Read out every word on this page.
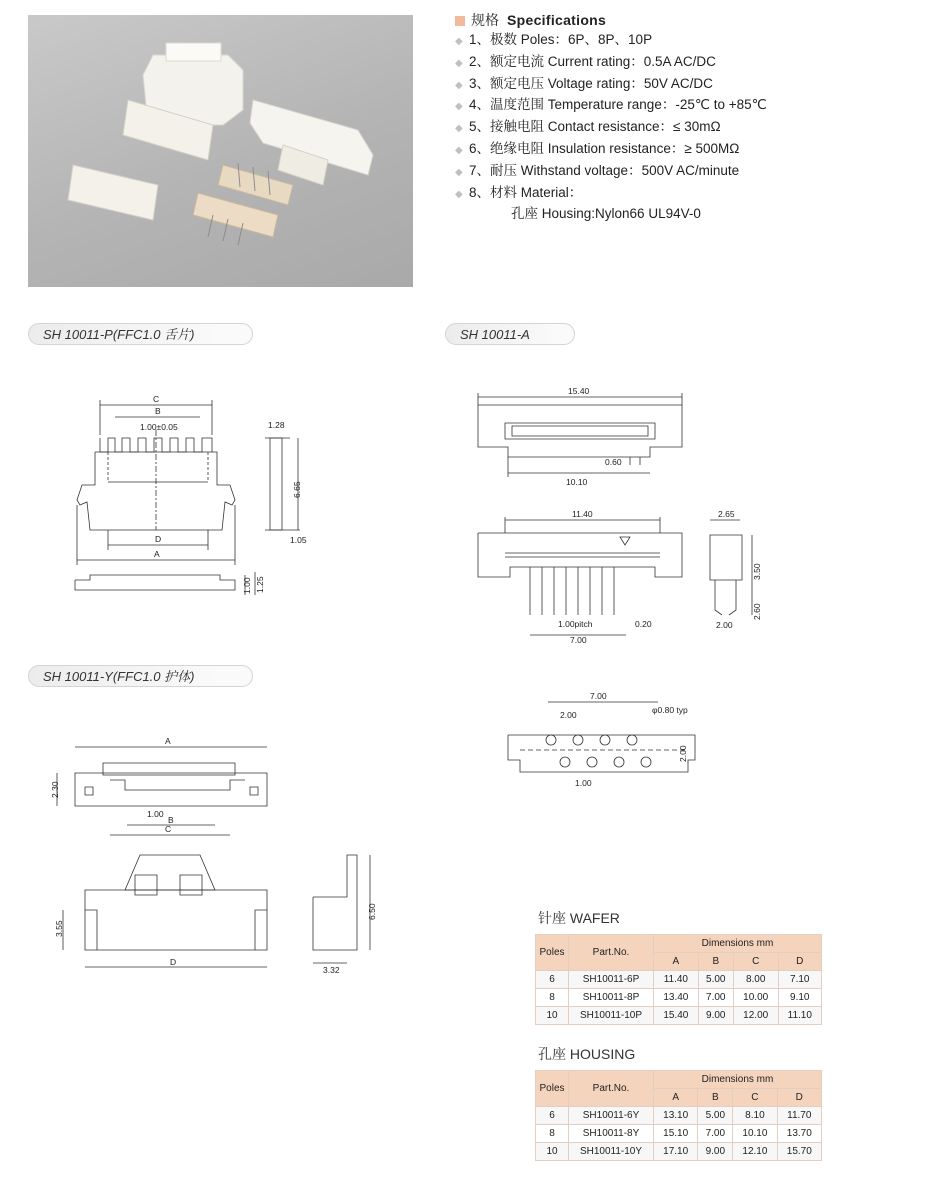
规格 Specifications
◆ 1、极数 Poles：6P、8P、10P
◆ 2、额定电流 Current rating：0.5A AC/DC
◆ 3、额定电压 Voltage rating：50V AC/DC
◆ 4、温度范围 Temperature range：-25℃ to +85℃
◆ 5、接触电阻 Contact resistance：≤ 30mΩ
◆ 6、绝缘电阻 Insulation resistance：≥ 500MΩ
◆ 7、耐压 Withstand voltage：500V AC/minute
◆ 8、材料 Material：
孔座 Housing:Nylon66 UL94V-0
SH 10011-P(FFC1.0 舌片)	SH 10011-A
SH 10011-Y(FFC1.0 护体)
C
B
1.00±0.05
D
A
1.28
6.65
1.05
1.00 1.25
15.40
0.60
10.10
11.40
1.00pitch	0.20
7.00
2.65
3.50
2.60
2.00
7.00
2.00	φ0.80 typ
2.00
1.00
A
2.30
1.00
B
C
3.55
D
6.50
3.32
针座 WAFER
Poles	Part.No.	Dimensions mm			
		A	B	C	D
6	SH10011-6P	11.40	5.00	8.00	7.10
8	SH10011-8P	13.40	7.00	10.00	9.10
10	SH10011-10P	15.40	9.00	12.00	11.10
孔座 HOUSING
Poles	Part.No.	Dimensions mm			
		A	B	C	D
6	SH10011-6Y	13.10	5.00	8.10	11.70
8	SH10011-8Y	15.10	7.00	10.10	13.70
10	SH10011-10Y	17.10	9.00	12.10	15.70
